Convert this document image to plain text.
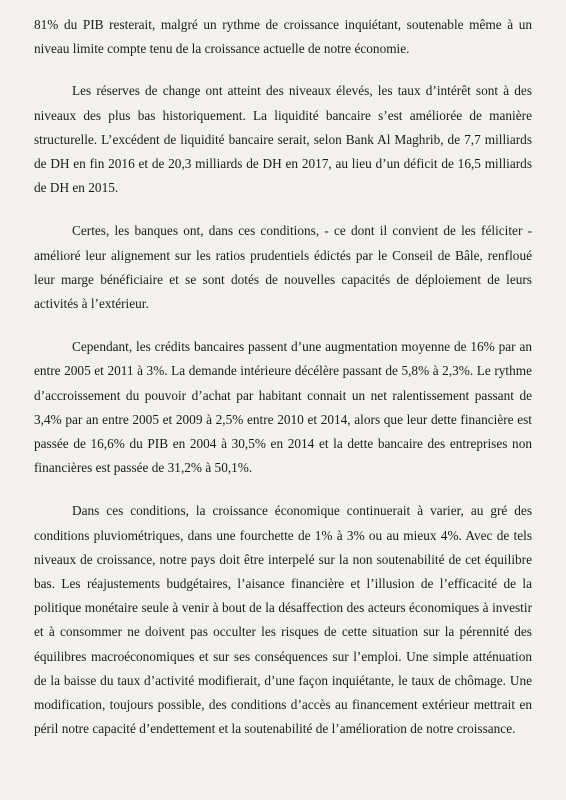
81% du PIB resterait, malgré un rythme de croissance inquiétant, soutenable même à un niveau limite compte tenu de la croissance actuelle de notre économie.

Les réserves de change ont atteint des niveaux élevés, les taux d’intérêt sont à des niveaux des plus bas historiquement. La liquidité bancaire s’est améliorée de manière structurelle. L’excédent de liquidité bancaire serait, selon Bank Al Maghrib, de 7,7 milliards de DH en fin 2016 et de 20,3 milliards de DH en 2017, au lieu d’un déficit de 16,5 milliards de DH en 2015.

Certes, les banques ont, dans ces conditions, - ce dont il convient de les féliciter - amélioré leur alignement sur les ratios prudentiels édictés par le Conseil de Bâle, renfloué leur marge bénéficiaire et se sont dotés de nouvelles capacités de déploiement de leurs activités à l’extérieur.

Cependant, les crédits bancaires passent d’une augmentation moyenne de 16% par an entre 2005 et 2011 à 3%. La demande intérieure décélère passant de 5,8% à 2,3%. Le rythme d’accroissement du pouvoir d’achat par habitant connait un net ralentissement passant de 3,4% par an entre 2005 et 2009 à 2,5% entre 2010 et 2014, alors que leur dette financière est passée de 16,6% du PIB en 2004 à 30,5% en 2014 et la dette bancaire des entreprises non financières est passée de 31,2% à 50,1%.

Dans ces conditions, la croissance économique continuerait à varier, au gré des conditions pluviométriques, dans une fourchette de 1% à 3% ou au mieux 4%. Avec de tels niveaux de croissance, notre pays doit être interpelé sur la non soutenabilité de cet équilibre bas. Les réajustements budgétaires, l’aisance financière et l’illusion de l’efficacité de la politique monétaire seule à venir à bout de la désaffection des acteurs économiques à investir et à consommer ne doivent pas occulter les risques de cette situation sur la pérennité des équilibres macroéconomiques et sur ses conséquences sur l’emploi. Une simple atténuation de la baisse du taux d’activité modifierait, d’une façon inquiétante, le taux de chômage. Une modification, toujours possible, des conditions d’accès au financement extérieur mettrait en péril notre capacité d’endettement et la soutenabilité de l’amélioration de notre croissance.
